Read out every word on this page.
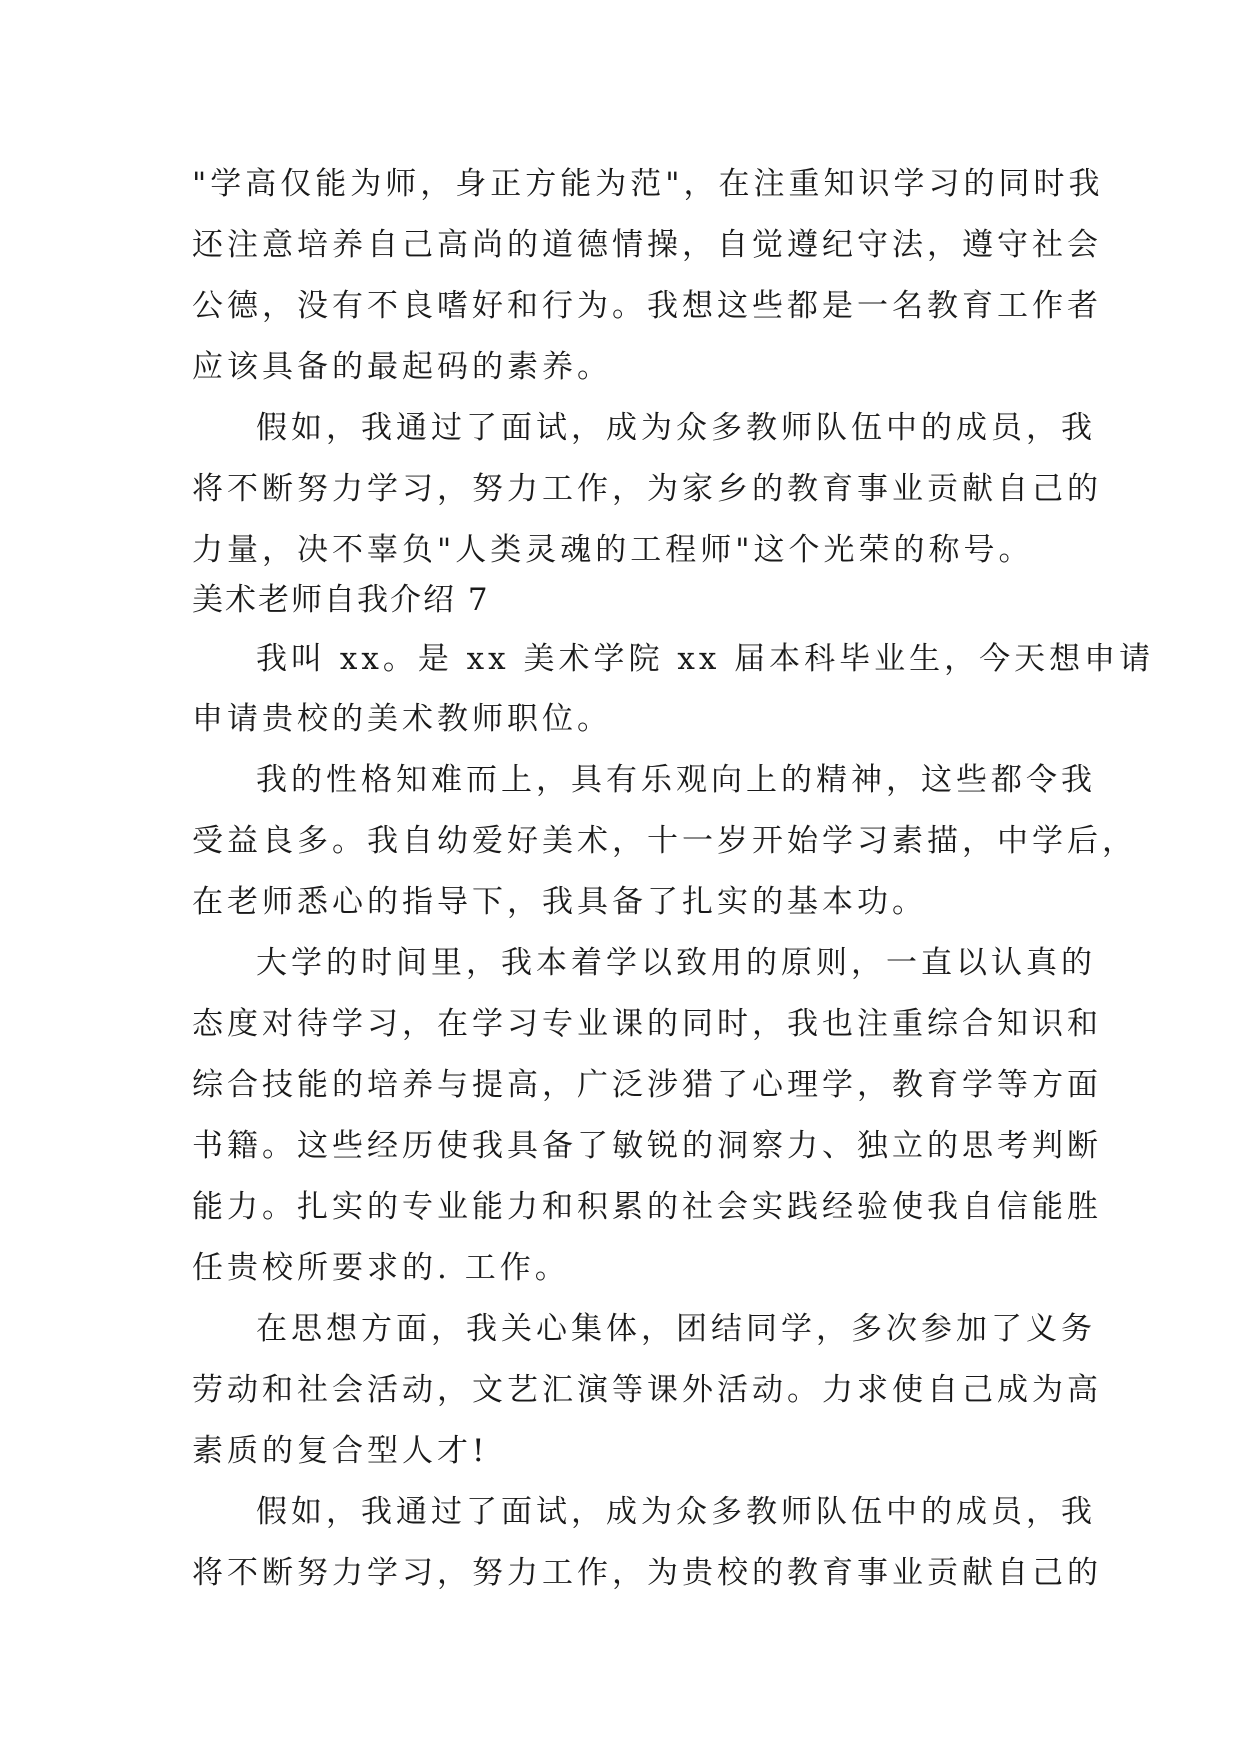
"学高仅能为师，身正方能为范"，在注重知识学习的同时我
还注意培养自己高尚的道德情操，自觉遵纪守法，遵守社会
公德，没有不良嗜好和行为。我想这些都是一名教育工作者
应该具备的最起码的素养。
假如，我通过了面试，成为众多教师队伍中的成员，我
将不断努力学习，努力工作，为家乡的教育事业贡献自己的
力量，决不辜负"人类灵魂的工程师"这个光荣的称号。
美术老师自我介绍 7
我叫 xx。是 xx 美术学院 xx 届本科毕业生，今天想申请
申请贵校的美术教师职位。
我的性格知难而上，具有乐观向上的精神，这些都令我
受益良多。我自幼爱好美术，十一岁开始学习素描，中学后，
在老师悉心的指导下，我具备了扎实的基本功。
大学的时间里，我本着学以致用的原则，一直以认真的
态度对待学习，在学习专业课的同时，我也注重综合知识和
综合技能的培养与提高，广泛涉猎了心理学，教育学等方面
书籍。这些经历使我具备了敏锐的洞察力、独立的思考判断
能力。扎实的专业能力和积累的社会实践经验使我自信能胜
任贵校所要求的. 工作。
在思想方面，我关心集体，团结同学，多次参加了义务
劳动和社会活动，文艺汇演等课外活动。力求使自己成为高
素质的复合型人才!
假如，我通过了面试，成为众多教师队伍中的成员，我
将不断努力学习，努力工作，为贵校的教育事业贡献自己的
